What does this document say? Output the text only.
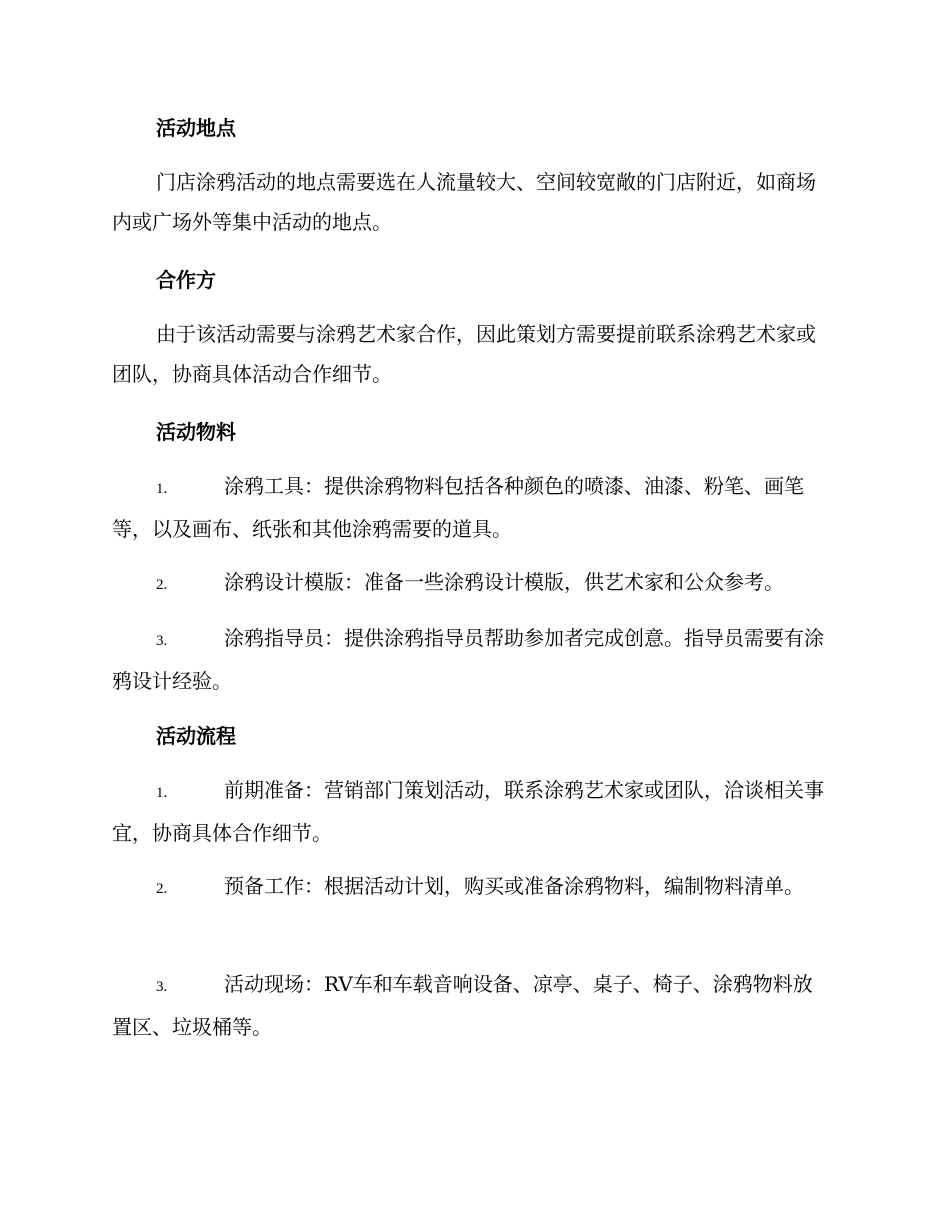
活动地点

门店涂鸦活动的地点需要选在人流量较大、空间较宽敞的门店附近，如商场内或广场外等集中活动的地点。

合作方

由于该活动需要与涂鸦艺术家合作，因此策划方需要提前联系涂鸦艺术家或团队，协商具体活动合作细节。

活动物料

1.	涂鸦工具：提供涂鸦物料包括各种颜色的喷漆、油漆、粉笔、画笔等，以及画布、纸张和其他涂鸦需要的道具。

2.	涂鸦设计模版：准备一些涂鸦设计模版，供艺术家和公众参考。

3.	涂鸦指导员：提供涂鸦指导员帮助参加者完成创意。指导员需要有涂鸦设计经验。

活动流程

1.	前期准备：营销部门策划活动，联系涂鸦艺术家或团队，洽谈相关事宜，协商具体合作细节。

2.	预备工作：根据活动计划，购买或准备涂鸦物料，编制物料清单。

3.	活动现场：RV车和车载音响设备、凉亭、桌子、椅子、涂鸦物料放置区、垃圾桶等。
